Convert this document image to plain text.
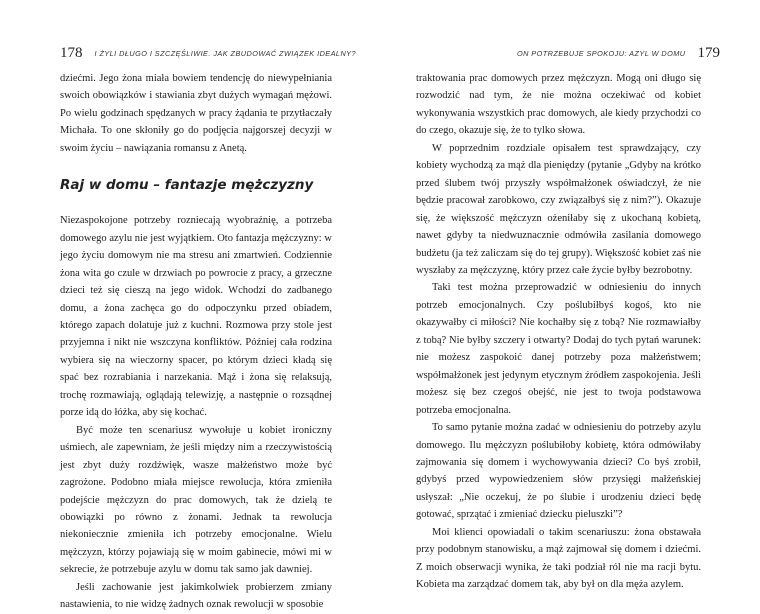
178 I ŻYLI DŁUGO I SZCZĘŚLIWIE. JAK ZBUDOWAĆ ZWIĄZEK IDEALNY?

dziećmi. Jego żona miała bowiem tendencję do niewypełniania swoich obowiązków i stawiania zbyt dużych wymagań mężowi. Po wielu godzinach spędzanych w pracy żądania te przytłaczały Michała. To one skłoniły go do podjęcia najgorszej decyzji w swoim życiu – nawiązania romansu z Anetą.

Raj w domu – fantazje mężczyzny

Niezaspokojone potrzeby rozniecają wyobraźnię, a potrzeba domowego azylu nie jest wyjątkiem. Oto fantazja mężczyzny: w jego życiu domowym nie ma stresu ani zmartwień. Codziennie żona wita go czule w drzwiach po powrocie z pracy, a grzeczne dzieci też się cieszą na jego widok. Wchodzi do zadbanego domu, a żona zachęca go do odpoczynku przed obiadem, którego zapach dolatuje już z kuchni. Rozmowa przy stole jest przyjemna i nikt nie wszczyna konfliktów. Później cała rodzina wybiera się na wieczorny spacer, po którym dzieci kładą się spać bez rozrabiania i narzekania. Mąż i żona się relaksują, trochę rozmawiają, oglądają telewizję, a następnie o rozsądnej porze idą do łóżka, aby się kochać.

Być może ten scenariusz wywołuje u kobiet ironiczny uśmiech, ale zapewniam, że jeśli między nim a rzeczywistością jest zbyt duży rozdźwięk, wasze małżeństwo może być zagrożone. Podobno miała miejsce rewolucja, która zmieniła podejście mężczyzn do prac domowych, tak że dzielą te obowiązki po równo z żonami. Jednak ta rewolucja niekoniecznie zmieniła ich potrzeby emocjonalne. Wielu mężczyzn, którzy pojawiają się w moim gabinecie, mówi mi w sekrecie, że potrzebuje azylu w domu tak samo jak dawniej.

Jeśli zachowanie jest jakimkolwiek probierzem zmiany nastawienia, to nie widzę żadnych oznak rewolucji w sposobie

ON POTRZEBUJE SPOKOJU: AZYL W DOMU 179

traktowania prac domowych przez mężczyzn. Mogą oni długo się rozwodzić nad tym, że nie można oczekiwać od kobiet wykonywania wszystkich prac domowych, ale kiedy przychodzi co do czego, okazuje się, że to tylko słowa.

W poprzednim rozdziale opisałem test sprawdzający, czy kobiety wychodzą za mąż dla pieniędzy (pytanie „Gdyby na krótko przed ślubem twój przyszły współmałżonek oświadczył, że nie będzie pracował zarobkowo, czy związałbyś się z nim?”). Okazuje się, że większość mężczyzn ożeniłaby się z ukochaną kobietą, nawet gdyby ta niedwuznacznie odmówiła zasilania domowego budżetu (ja też zaliczam się do tej grupy). Większość kobiet zaś nie wyszłaby za mężczyznę, który przez całe życie byłby bezrobotny.

Taki test można przeprowadzić w odniesieniu do innych potrzeb emocjonalnych. Czy poślubiłbyś kogoś, kto nie okazywałby ci miłości? Nie kochałby się z tobą? Nie rozmawiałby z tobą? Nie byłby szczery i otwarty? Dodaj do tych pytań warunek: nie możesz zaspokoić danej potrzeby poza małżeństwem; współmałżonek jest jedynym etycznym źródłem zaspokojenia. Jeśli możesz się bez czegoś obejść, nie jest to twoja podstawowa potrzeba emocjonalna.

To samo pytanie można zadać w odniesieniu do potrzeby azylu domowego. Ilu mężczyzn poślubiłoby kobietę, która odmówiłaby zajmowania się domem i wychowywania dzieci? Co byś zrobił, gdybyś przed wypowiedzeniem słów przysięgi małżeńskiej usłyszał: „Nie oczekuj, że po ślubie i urodzeniu dzieci będę gotować, sprzątać i zmieniać dziecku pieluszki”?

Moi klienci opowiadali o takim scenariuszu: żona obstawała przy podobnym stanowisku, a mąż zajmował się domem i dziećmi. Z moich obserwacji wynika, że taki podział ról nie ma racji bytu. Kobieta ma zarządzać domem tak, aby był on dla męża azylem.
